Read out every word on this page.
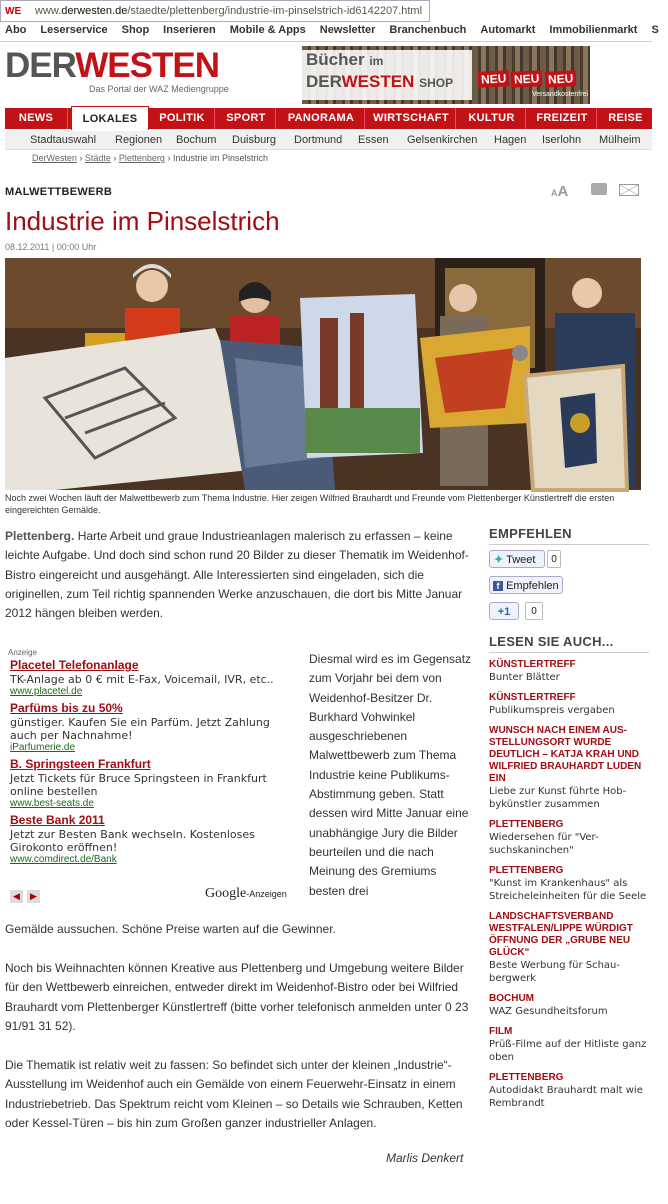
WE	www.derwesten.de/staedte/plettenberg/industrie-im-pinselstrich-id6142207.html
Abo Leserservice Shop Inserieren Mobile & Apps Newsletter Branchenbuch Automarkt Immobilienmarkt S
DERWESTEN
Das Portal der WAZ Mediengruppe
Bücher im
DERWESTEN SHOP NEU NEU NEU
Versandkostenfrei
NEWS	LOKALES	POLITIK	SPORT	PANORAMA	WIRTSCHAFT	KULTUR	FREIZEIT	REISE
Stadtauswahl Regionen Bochum Duisburg Dortmund Essen Gelsenkirchen Hagen Iserlohn Mülheim
DerWesten › Städte › Plettenberg › Industrie im Pinselstrich
MALWETTBEWERB	AA
Industrie im Pinselstrich
08.12.2011 | 00:00 Uhr
Noch zwei Wochen läuft der Malwettbewerb zum Thema Industrie. Hier zeigen Wilfried Brauhardt und Freunde vom Plettenberger Künstlertreff die ersten eingereichten Gemälde.
Plettenberg. Harte Arbeit und graue Industrieanlagen malerisch zu erfassen – keine leichte Aufgabe. Und doch sind schon rund 20 Bilder zu dieser Thematik im Weidenhof-Bistro eingereicht und ausgehängt. Alle Interessierten sind eingeladen, sich die originellen, zum Teil richtig spannenden Werke anzuschauen, die dort bis Mitte Januar 2012 hängen bleiben werden.
Anzeige
Placetel Telefonanlage
TK-Anlage ab 0 € mit E-Fax, Voicemail, IVR, etc..
www.placetel.de
Parfüms bis zu 50%
günstiger. Kaufen Sie ein Parfüm. Jetzt Zahlung auch per Nachnahme!
iParfumerie.de
B. Springsteen Frankfurt
Jetzt Tickets für Bruce Springsteen in Frankfurt online bestellen
www.best-seats.de
Beste Bank 2011
Jetzt zur Besten Bank wechseln. Kostenloses Girokonto eröffnen!
www.comdirect.de/Bank
◀ ▶	Google-Anzeigen
Diesmal wird es im Gegensatz zum Vorjahr bei dem von Weidenhof-Besitzer Dr. Burkhard Vohwinkel ausgeschriebenen Malwettbewerb zum Thema Industrie keine Publikums-Abstimmung geben. Statt dessen wird Mitte Januar eine unabhängige Jury die Bilder beurteilen und die nach Meinung des Gremiums besten drei
Gemälde aussuchen. Schöne Preise warten auf die Gewinner.
Noch bis Weihnachten können Kreative aus Plettenberg und Umgebung weitere Bilder für den Wettbewerb einreichen, entweder direkt im Weidenhof-Bistro oder bei Wilfried Brauhardt vom Plettenberger Künstlertreff (bitte vorher telefonisch anmelden unter 0 23 91/91 31 52).
Die Thematik ist relativ weit zu fassen: So befindet sich unter der kleinen „Industrie“-Ausstellung im Weidenhof auch ein Gemälde von einem Feuerwehr-Einsatz in einem Industriebetrieb. Das Spektrum reicht vom Kleinen – so Details wie Schrauben, Ketten oder Kessel-Türen – bis hin zum Großen ganzer industrieller Anlagen.
Marlis Denkert
EMPFEHLEN
✦ Tweet 0
f Empfehlen
+1 0
LESEN SIE AUCH...
KÜNSTLERTREFF
Bunter Blätter
KÜNSTLERTREFF
Publikumspreis vergaben
WUNSCH NACH EINEM AUS-STELLUNGSORT WURDE DEUTLICH – KATJA KRAH UND WILFRIED BRAUHARDT LUDEN EIN
Liebe zur Kunst führte Hob-bykünstler zusammen
PLETTENBERG
Wiedersehen für "Ver-suchskaninchen"
PLETTENBERG
"Kunst im Krankenhaus" als Streicheleinheiten für die Seele
LANDSCHAFTSVERBAND WESTFALEN/LIPPE WÜRDIGT ÖFFNUNG DER „GRUBE NEU GLÜCK“
Beste Werbung für Schau-bergwerk
BOCHUM
WAZ Gesundheitsforum
FILM
Prüß-Filme auf der Hitliste ganz oben
PLETTENBERG
Autodidakt Brauhardt malt wie Rembrandt
